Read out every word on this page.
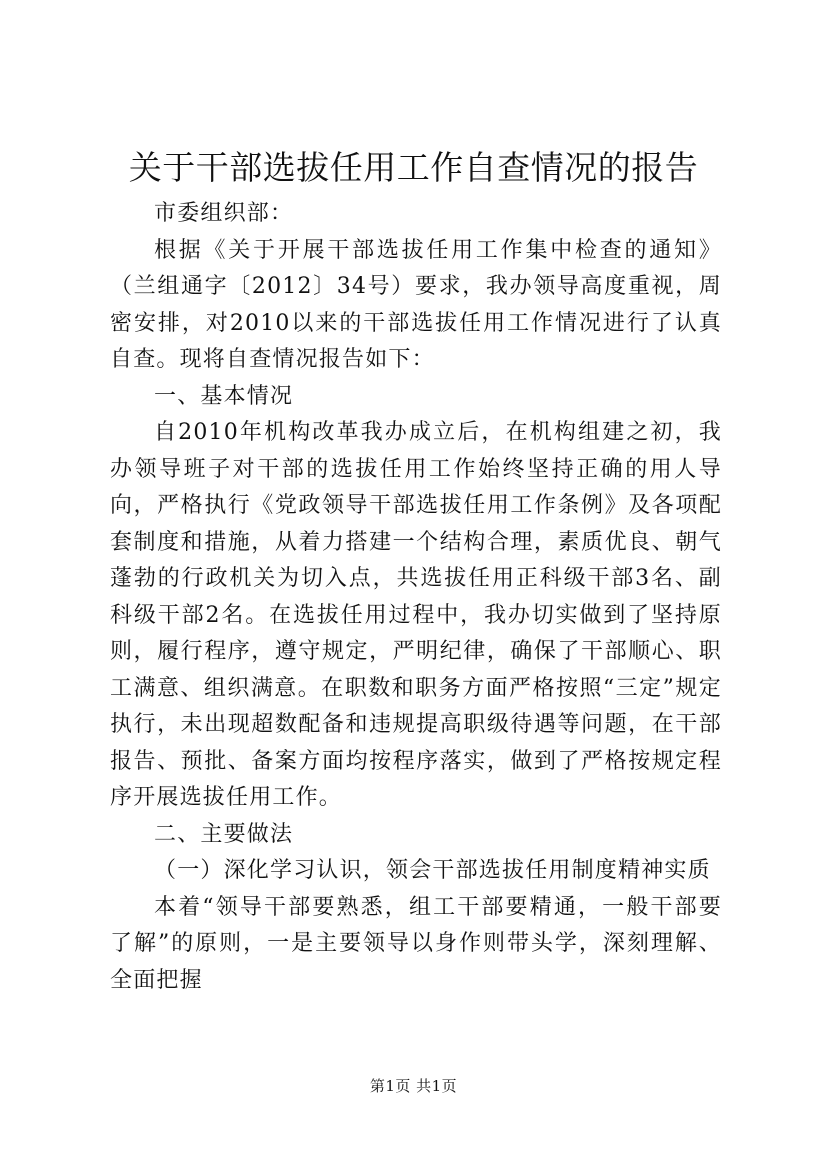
关于干部选拔任用工作自查情况的报告

市委组织部：

根据《关于开展干部选拔任用工作集中检查的通知》（兰组通字〔2012〕34号）要求，我办领导高度重视，周密安排，对2010以来的干部选拔任用工作情况进行了认真自查。现将自查情况报告如下：

一、基本情况

自2010年机构改革我办成立后，在机构组建之初，我办领导班子对干部的选拔任用工作始终坚持正确的用人导向，严格执行《党政领导干部选拔任用工作条例》及各项配套制度和措施，从着力搭建一个结构合理，素质优良、朝气蓬勃的行政机关为切入点，共选拔任用正科级干部3名、副科级干部2名。在选拔任用过程中，我办切实做到了坚持原则，履行程序，遵守规定，严明纪律，确保了干部顺心、职工满意、组织满意。在职数和职务方面严格按照“三定”规定执行，未出现超数配备和违规提高职级待遇等问题，在干部报告、预批、备案方面均按程序落实，做到了严格按规定程序开展选拔任用工作。

二、主要做法

（一）深化学习认识，领会干部选拔任用制度精神实质

本着“领导干部要熟悉，组工干部要精通，一般干部要了解”的原则，一是主要领导以身作则带头学，深刻理解、全面把握

第1页 共1页
